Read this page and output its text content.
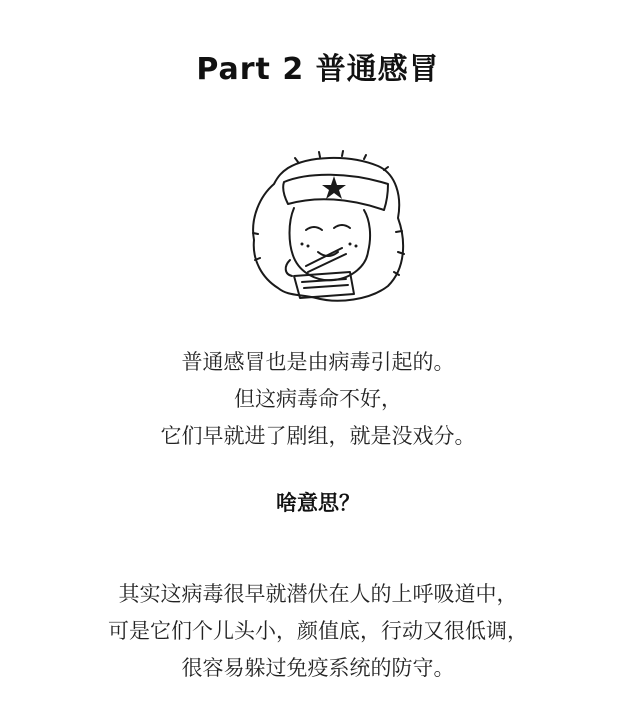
Part 2 普通感冒
普通感冒也是由病毒引起的。
但这病毒命不好，
它们早就进了剧组，就是没戏分。
啥意思？
其实这病毒很早就潜伏在人的上呼吸道中，
可是它们个儿头小，颜值底，行动又很低调，
很容易躲过免疫系统的防守。
